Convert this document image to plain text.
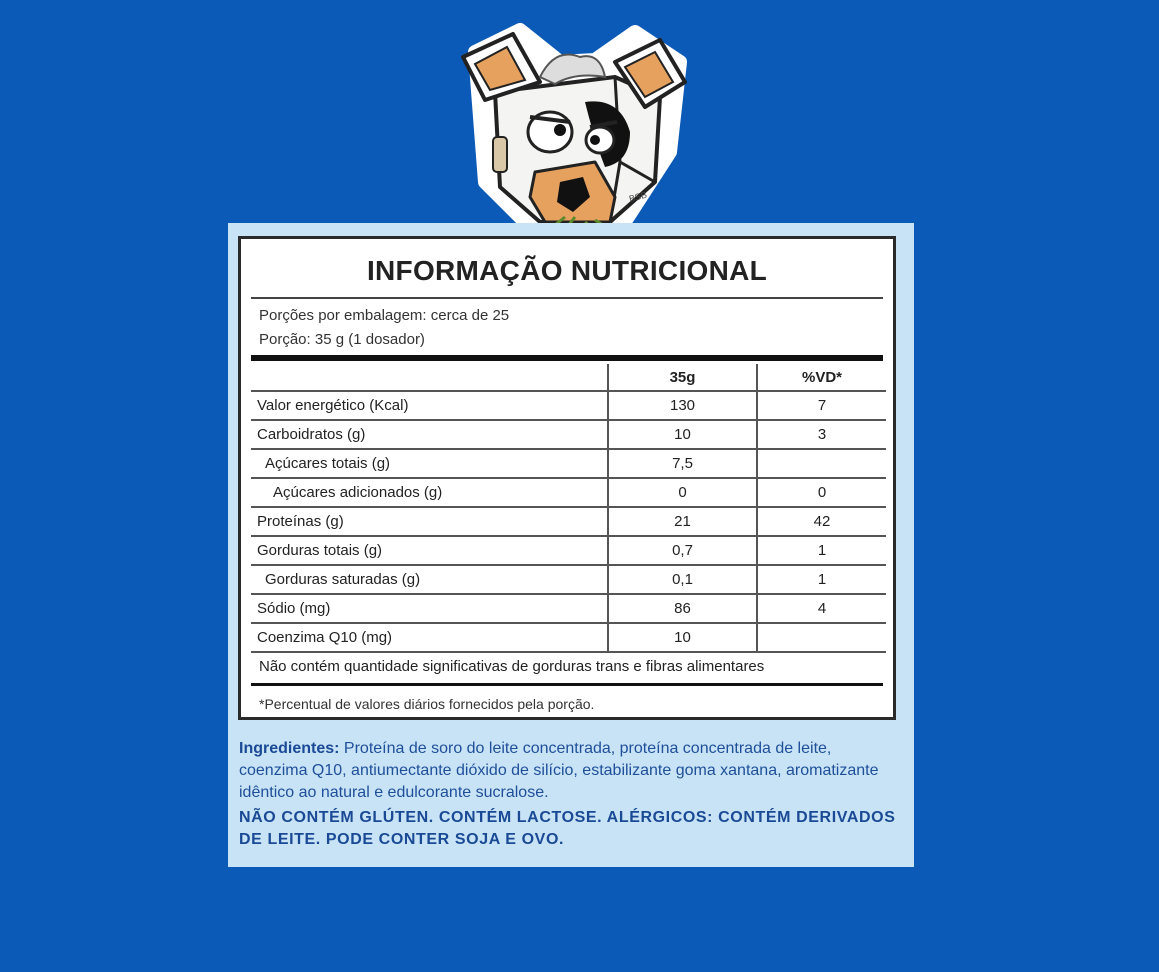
BSB
INFORMAÇÃO NUTRICIONAL
Porções por embalagem: cerca de 25
Porção: 35 g (1 dosador)
	35g	%VD*
Valor energético (Kcal)	130	7
Carboidratos (g)	10	3
Açúcares totais (g)	7,5	
Açúcares adicionados (g)	0	0
Proteínas (g)	21	42
Gorduras totais (g)	0,7	1
Gorduras saturadas (g)	0,1	1
Sódio (mg)	86	4
Coenzima Q10 (mg)	10	
Não contém quantidade significativas de gorduras trans e fibras alimentares
*Percentual de valores diários fornecidos pela porção.
Ingredientes: Proteína de soro do leite concentrada, proteína concentrada de leite, coenzima Q10, antiumectante dióxido de silício, estabilizante goma xantana, aromatizante idêntico ao natural e edulcorante sucralose.
NÃO CONTÉM GLÚTEN. CONTÉM LACTOSE. ALÉRGICOS: CONTÉM DERIVADOS DE LEITE. PODE CONTER SOJA E OVO.
